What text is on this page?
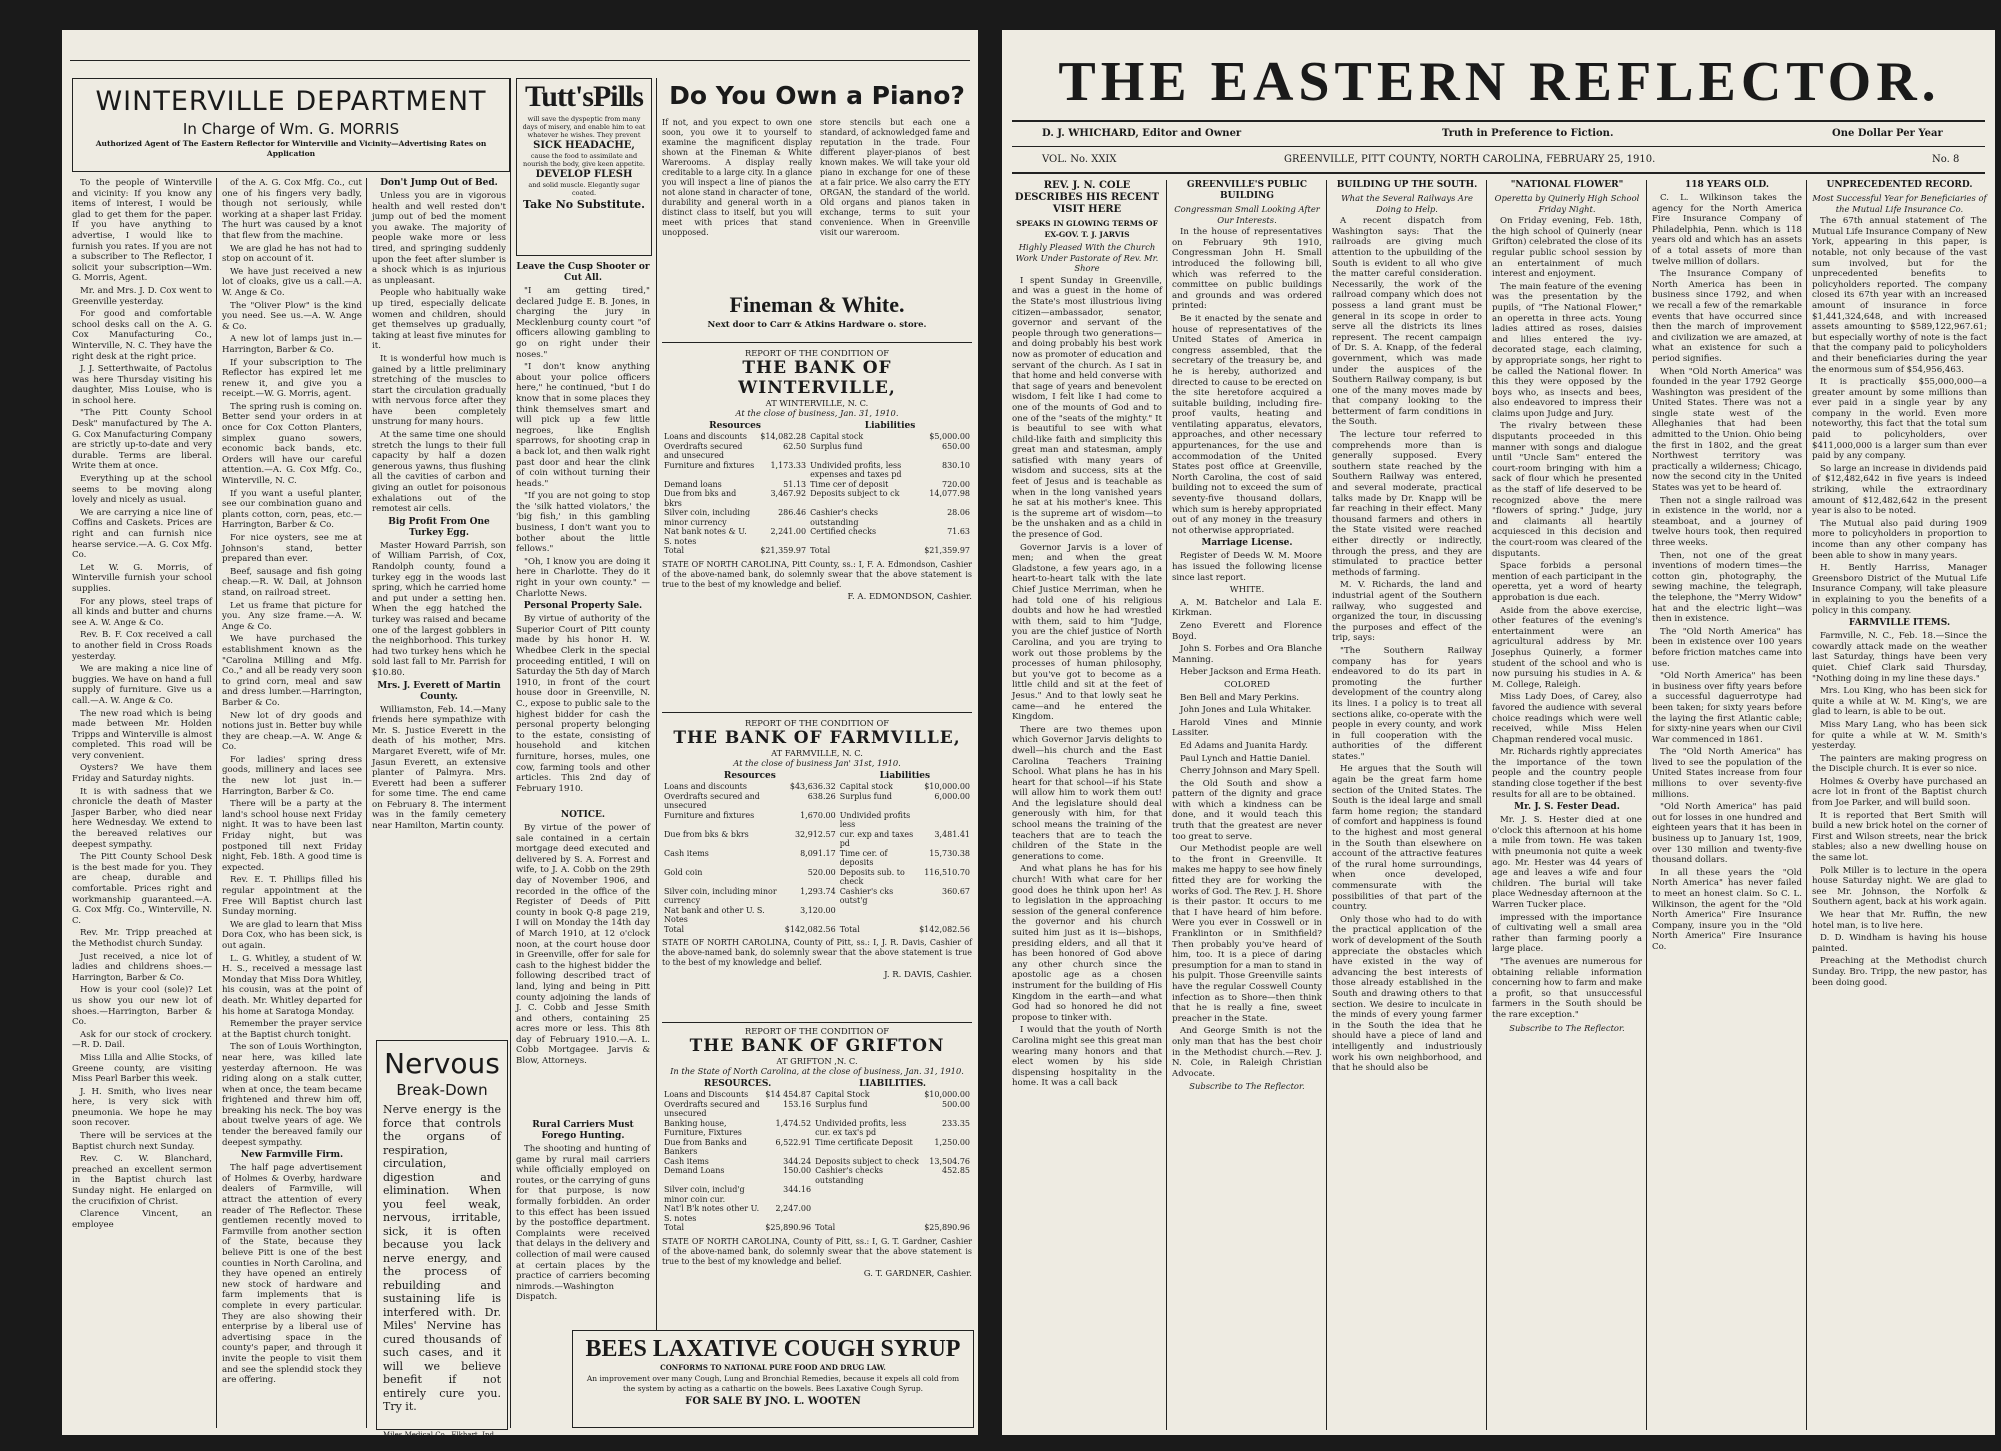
WINTERVILLE DEPARTMENT
In Charge of Wm. G. MORRIS
Authorized Agent of The Eastern Reflector for Winterville and Vicinity—Advertising Rates on Application

To the people of Winterville and vicinity: If you know any items of interest, I would be glad to get them for the paper. If you have anything to advertise, I would like to furnish you rates. If you are not a subscriber to The Reflector, I solicit your subscription—Wm. G. Morris, Agent.

Mr. and Mrs. J. D. Cox went to Greenville yesterday.

For good and comfortable school desks call on the A. G. Cox Manufacturing Co., Winterville, N. C. They have the right desk at the right price.

J. J. Setterthwaite, of Pactolus was here Thursday visiting his daughter, Miss Louise, who is in school here.

"The Pitt County School Desk" manufactured by The A. G. Cox Manufacturing Company are strictly up-to-date and very durable. Terms are liberal. Write them at once.

Everything up at the school seems to be moving along lovely and nicely as usual.

We are carrying a nice line of Coffins and Caskets. Prices are right and can furnish nice hearse service.—A. G. Cox Mfg. Co.

Let W. G. Morris, of Winterville furnish your school supplies.

For any plows, steel traps of all kinds and butter and churns see A. W. Ange & Co.

Rev. B. F. Cox received a call to another field in Cross Roads yesterday.

We are making a nice line of buggies. We have on hand a full supply of furniture. Give us a call.—A. W. Ange & Co.

The new road which is being made between Mr. Holden Tripps and Winterville is almost completed. This road will be very convenient.

Oysters? We have them Friday and Saturday nights.

It is with sadness that we chronicle the death of Master Jasper Barber, who died near here Wednesday. We extend to the bereaved relatives our deepest sympathy.

The Pitt County School Desk is the best made for you. They are cheap, durable and comfortable. Prices right and workmanship guaranteed.—A. G. Cox Mfg. Co., Winterville, N. C.

Rev. Mr. Tripp preached at the Methodist church Sunday.

Just received, a nice lot of ladies and childrens shoes.—Harrington, Barber & Co.

How is your cool (sole)? Let us show you our new lot of shoes.—Harrington, Barber & Co.

Ask for our stock of crockery.—R. D. Dail.

Miss Lilla and Allie Stocks, of Greene county, are visiting Miss Pearl Barber this week.

J. H. Smith, who lives near here, is very sick with pneumonia. We hope he may soon recover.

There will be services at the Baptist church next Sunday.

Rev. C. W. Blanchard, preached an excellent sermon in the Baptist church last Sunday night. He enlarged on the crucifixion of Christ.

Clarence Vincent, an employee

of the A. G. Cox Mfg. Co., cut one of his fingers very badly, though not seriously, while working at a shaper last Friday. The hurt was caused by a knot that flew from the machine.

We are glad he has not had to stop on account of it.

We have just received a new lot of cloaks, give us a call.—A. W. Ange & Co.

The "Oliver Plow" is the kind you need. See us.—A. W. Ange & Co.

A new lot of lamps just in.—Harrington, Barber & Co.

If your subscription to The Reflector has expired let me renew it, and give you a receipt.—W. G. Morris, agent.

The spring rush is coming on. Better send your orders in at once for Cox Cotton Planters, simplex guano sowers, economic back bands, etc. Orders will have our careful attention.—A. G. Cox Mfg. Co., Winterville, N. C.

If you want a useful planter, see our combination guano and plants cotton, corn, peas, etc.—Harrington, Barber & Co.

For nice oysters, see me at Johnson's stand, better prepared than ever.

Beef, sausage and fish going cheap.—R. W. Dail, at Johnson stand, on railroad street.

Let us frame that picture for you. Any size frame.—A. W. Ange & Co.

We have purchased the establishment known as the "Carolina Milling and Mfg. Co.," and all be ready very soon to grind corn, meal and saw and dress lumber.—Harrington, Barber & Co.

New lot of dry goods and notions just in. Better buy while they are cheap.—A. W. Ange & Co.

For ladies' spring dress goods, millinery and laces see the new lot just in.—Harrington, Barber & Co.

There will be a party at the land's school house next Friday night. It was to have been last Friday night, but was postponed till next Friday night, Feb. 18th. A good time is expected.

Rev. E. T. Phillips filled his regular appointment at the Free Will Baptist church last Sunday morning.

We are glad to learn that Miss Dora Cox, who has been sick, is out again.

L. G. Whitley, a student of W. H. S., received a message last Monday that Miss Dora Whitley, his cousin, was at the point of death. Mr. Whitley departed for his home at Saratoga Monday.

Remember the prayer service at the Baptist church tonight.

The son of Louis Worthington, near here, was killed late yesterday afternoon. He was riding along on a stalk cutter, when at once, the team became frightened and threw him off, breaking his neck. The boy was about twelve years of age. We tender the bereaved family our deepest sympathy.

New Farmville Firm.

The half page advertisement of Holmes & Overby, hardware dealers of Farmville, will attract the attention of every reader of The Reflector. These gentlemen recently moved to Farmville from another section of the State, because they believe Pitt is one of the best counties in North Carolina, and they have opened an entirely new stock of hardware and farm implements that is complete in every particular. They are also showing their enterprise by a liberal use of advertising space in the county's paper, and through it invite the people to visit them and see the splendid stock they are offering.

Don't Jump Out of Bed.

Unless you are in vigorous health and well rested don't jump out of bed the moment you awake. The majority of people wake more or less tired, and springing suddenly upon the feet after slumber is a shock which is as injurious as unpleasant.

People who habitually wake up tired, especially delicate women and children, should get themselves up gradually, taking at least five minutes for it.

It is wonderful how much is gained by a little preliminary stretching of the muscles to start the circulation gradually with nervous force after they have been completely unstrung for many hours.

At the same time one should stretch the lungs to their full capacity by half a dozen generous yawns, thus flushing all the cavities of carbon and giving an outlet for poisonous exhalations out of the remotest air cells.

Big Profit From One Turkey Egg.

Master Howard Parrish, son of William Parrish, of Cox, Randolph county, found a turkey egg in the woods last spring, which he carried home and put under a setting hen. When the egg hatched the turkey was raised and became one of the largest gobblers in the neighborhood. This turkey had two turkey hens which he sold last fall to Mr. Parrish for $10.80.

Mrs. J. Everett of Martin County.

Williamston, Feb. 14.—Many friends here sympathize with Mr. S. Justice Everett in the death of his mother, Mrs. Margaret Everett, wife of Mr. Jasun Everett, an extensive planter of Palmyra. Mrs. Everett had been a sufferer for some time. The end came on February 8. The interment was in the family cemetery near Hamilton, Martin county.

Nervous
Break-Down
Nerve energy is the force that controls the organs of respiration, circulation, digestion and elimination. When you feel weak, nervous, irritable, sick, it is often because you lack nerve energy, and the process of rebuilding and sustaining life is interfered with. Dr. Miles' Nervine has cured thousands of such cases, and it will we believe benefit if not entirely cure you. Try it.

Miles Medical Co., Elkhart, Ind
Tutt'sPills
will save the dyspeptic from many days of misery, and enable him to eat whatever he wishes. They prevent
SICK HEADACHE,
cause the food to assimilate and nourish the body, give keen appetite.
DEVELOP FLESH
and solid muscle. Elegantly sugar coated.
Take No Substitute.

Leave the Cusp Shooter or Cut All.

"I am getting tired," declared Judge E. B. Jones, in charging the jury in Mecklenburg county court "of officers allowing gambling to go on right under their noses."

"I don't know anything about your police officers here," he continued, "but I do know that in some places they think themselves smart and will pick up a few little negroes, like English sparrows, for shooting crap in a back lot, and then walk right past door and hear the clink of coin without turning their heads."

"If you are not going to stop the 'silk hatted violators,' the 'big fish,' in this gambling business, I don't want you to bother about the little fellows."

"Oh, I know you are doing it here in Charlotte. They do it right in your own county." —Charlotte News.

Personal Property Sale.

By virtue of authority of the Superior Court of Pitt county made by his honor H. W. Whedbee Clerk in the special proceeding entitled, I will on Saturday the 5th day of March 1910, in front of the court house door in Greenville, N. C., expose to public sale to the highest bidder for cash the personal property belonging to the estate, consisting of household and kitchen furniture, horses, mules, one cow, farming tools and other articles. This 2nd day of February 1910.

NOTICE.

By virtue of the power of sale contained in a certain mortgage deed executed and delivered by S. A. Forrest and wife, to J. A. Cobb on the 29th day of November 1906, and recorded in the office of the Register of Deeds of Pitt county in book Q-8 page 219, I will on Monday the 14th day of March 1910, at 12 o'clock noon, at the court house door in Greenville, offer for sale for cash to the highest bidder the following described tract of land, lying and being in Pitt county adjoining the lands of J. C. Cobb and Jesse Smith and others, containing 25 acres more or less. This 8th day of February 1910.—A. L. Cobb Mortgagee. Jarvis & Blow, Attorneys.

Rural Carriers Must Forego Hunting.

The shooting and hunting of game by rural mail carriers while officially employed on routes, or the carrying of guns for that purpose, is now formally forbidden. An order to this effect has been issued by the postoffice department. Complaints were received that delays in the delivery and collection of mail were caused at certain places by the practice of carriers becoming nimrods.—Washington Dispatch.

Do You Own a Piano?
If not, and you expect to own one soon, you owe it to yourself to examine the magnificent display shown at the Fineman & White Warerooms. A display really creditable to a large city. In a glance you will inspect a line of pianos the not alone stand in character of tone, durability and general worth in a distinct class to itself, but you will meet with prices that stand unopposed.
store stencils but each one a standard, of acknowledged fame and reputation in the trade. Four different player-pianos of best known makes. We will take your old piano in exchange for one of these at a fair price. We also carry the ETY ORGAN, the standard of the world. Old organs and pianos taken in exchange, terms to suit your convenience. When in Greenville visit our wareroom.
Fineman & White.
Next door to Carr & Atkins Hardware o. store.
REPORT OF THE CONDITION OF
THE BANK OF WINTERVILLE,
AT WINTERVILLE, N. C.
At the close of business, Jan. 31, 1910.
Resources		Liabilities	
Loans and discounts	$14,082.28	Capital stock	$5,000.00
Overdrafts secured and unsecured	62.50	Surplus fund	650.00
Furniture and fixtures	1,173.33	Undivided profits, less expenses and taxes pd	830.10
Demand loans	51.13	Time cer of deposit	720.00
Due from bks and bkrs	3,467.92	Deposits subject to ck	14,077.98
Silver coin, including minor currency	286.46	Cashier's checks outstanding	28.06
Nat bank notes & U. S. notes	2,241.00	Certified checks	71.63
Total	$21,359.97	Total	$21,359.97
STATE OF NORTH CAROLINA, Pitt County, ss.: I, F. A. Edmondson, Cashier of the above-named bank, do solemnly swear that the above statement is true to the best of my knowledge and belief.
F. A. EDMONDSON, Cashier.
REPORT OF THE CONDITION OF
THE BANK OF FARMVILLE,
AT FARMVILLE, N. C.
At the close of business Jan' 31st, 1910.
Resources		Liabilities	
Loans and discounts	$43,636.32	Capital stock	$10,000.00
Overdrafts secured and unsecured	638.26	Surplus fund	6,000.00
Furniture and fixtures	1,670.00	Undivided profits less	
Due from bks & bkrs	32,912.57	cur. exp and taxes pd	3,481.41
Cash items	8,091.17	Time cer. of deposits	15,730.38
Gold coin	520.00	Deposits sub. to check	116,510.70
Silver coin, including minor currency	1,293.74	Cashier's cks outst'g	360.67
Nat bank and other U. S. Notes	3,120.00		
Total	$142,082.56	Total	$142,082.56
STATE OF NORTH CAROLINA, County of Pitt, ss.: I, J. R. Davis, Cashier of the above-named bank, do solemnly swear that the above statement is true to the best of my knowledge and belief.
J. R. DAVIS, Cashier.
REPORT OF THE CONDITION OF
THE BANK OF GRIFTON
AT GRIFTON ,N. C.
In the State of North Carolina, at the close of business, Jan. 31, 1910.
RESOURCES.		LIABILITIES.	
Loans and Discounts	$14 454.87	Capital Stock	$10,000.00
Overdrafts secured and unsecured	153.16	Surplus fund	500.00
Banking house, Furniture, Fixtures	1,474.52	Undivided profits, less cur. ex tax's pd	233.35
Due from Banks and Bankers	6,522.91	Time certificate Deposit	1,250.00
Cash items	344.24	Deposits subject to check	13,504.76
Demand Loans	150.00	Cashier's checks outstanding	452.85
Silver coin, includ'g minor coin cur.	344.16		
Nat'l B'k notes other U. S. notes	2,247.00		
Total	$25,890.96	Total	$25,890.96
STATE OF NORTH CAROLINA, County of Pitt, ss.: I, G. T. Gardner, Cashier of the above-named bank, do solemnly swear that the above statement is true to the best of my knowledge and belief.
G. T. GARDNER, Cashier.
BEES LAXATIVE COUGH SYRUP
CONFORMS TO NATIONAL PURE FOOD AND DRUG LAW.
An improvement over many Cough, Lung and Bronchial Remedies, because it expels all cold from the system by acting as a cathartic on the bowels. Bees Laxative Cough Syrup.
FOR SALE BY JNO. L. WOOTEN
THE EASTERN REFLECTOR.
D. J. WHICHARD, Editor and Owner	Truth in Preference to Fiction.	One Dollar Per Year
VOL. No. XXIX	GREENVILLE, PITT COUNTY, NORTH CAROLINA, FEBRUARY 25, 1910.	No. 8

REV. J. N. COLE DESCRIBES HIS RECENT VISIT HERE

SPEAKS IN GLOWING TERMS OF EX-GOV. T. J. JARVIS

Highly Pleased With the Church Work Under Pastorate of Rev. Mr. Shore

I spent Sunday in Greenville, and was a guest in the home of the State's most illustrious living citizen—ambassador, senator, governor and servant of the people through two generations—and doing probably his best work now as promoter of education and servant of the church. As I sat in that home and held converse with that sage of years and benevolent wisdom, I felt like I had come to one of the mounts of God and to one of the "seats of the mighty." It is beautiful to see with what child-like faith and simplicity this great man and statesman, amply satisfied with many years of wisdom and success, sits at the feet of Jesus and is teachable as when in the long vanished years he sat at his mother's knee. This is the supreme art of wisdom—to be the unshaken and as a child in the presence of God.

Governor Jarvis is a lover of men; and when the great Gladstone, a few years ago, in a heart-to-heart talk with the late Chief Justice Merriman, when he had told one of his religious doubts and how he had wrestled with them, said to him "Judge, you are the chief justice of North Carolina, and you are trying to work out those problems by the processes of human philosophy, but you've got to become as a little child and sit at the feet of Jesus." And to that lowly seat he came—and he entered the Kingdom.

There are two themes upon which Governor Jarvis delights to dwell—his church and the East Carolina Teachers Training School. What plans he has in his heart for that school—if his State will allow him to work them out! And the legislature should deal generously with him, for that school means the training of the teachers that are to teach the children of the State in the generations to come.

And what plans he has for his church! With what care for her good does he think upon her! As to legislation in the approaching session of the general conference the governor and his church suited him just as it is—bishops, presiding elders, and all that it has been honored of God above any other church since the apostolic age as a chosen instrument for the building of His Kingdom in the earth—and what God had so honored he did not propose to tinker with.

I would that the youth of North Carolina might see this great man wearing many honors and that elect women by his side dispensing hospitality in the home. It was a call back

GREENVILLE'S PUBLIC BUILDING

Congressman Small Looking After Our Interests.

In the house of representatives on February 9th 1910, Congressman John H. Small introduced the following bill, which was referred to the committee on public buildings and grounds and was ordered printed:

Be it enacted by the senate and house of representatives of the United States of America in congress assembled, that the secretary of the treasury be, and he is hereby, authorized and directed to cause to be erected on the site heretofore acquired a suitable building, including fire-proof vaults, heating and ventilating apparatus, elevators, approaches, and other necessary appurtenances, for the use and accommodation of the United States post office at Greenville, North Carolina, the cost of said building not to exceed the sum of seventy-five thousand dollars, which sum is hereby appropriated out of any money in the treasury not otherwise appropriated.

Marriage License.

Register of Deeds W. M. Moore has issued the following license since last report.

WHITE.

A. M. Batchelor and Lala E. Kirkman.

Zeno Everett and Florence Boyd.

John S. Forbes and Ora Blanche Manning.

Heber Jackson and Erma Heath.

COLORED

Ben Bell and Mary Perkins.

John Jones and Lula Whitaker.

Harold Vines and Minnie Lassiter.

Ed Adams and Juanita Hardy.

Paul Lynch and Hattie Daniel.

Cherry Johnson and Mary Spell.

the Old South and show a pattern of the dignity and grace with which a kindness can be done, and it would teach this truth that the greatest are never too great to serve.

Our Methodist people are well to the front in Greenville. It makes me happy to see how finely fitted they are for working the works of God. The Rev. J. H. Shore is their pastor. It occurs to me that I have heard of him before. Were you ever in Cosswell or in Franklinton or in Smithfield? Then probably you've heard of him, too. It is a piece of daring presumption for a man to stand in his pulpit. Those Greenville saints have the regular Cosswell County infection as to Shore—then think that he is really a fine, sweet preacher in the State.

And George Smith is not the only man that has the best choir in the Methodist church.—Rev. J. N. Cole, in Raleigh Christian Advocate.

Subscribe to The Reflector.

BUILDING UP THE SOUTH.

What the Several Railways Are Doing to Help.

A recent dispatch from Washington says: That the railroads are giving much attention to the upbuilding of the South is evident to all who give the matter careful consideration. Necessarily, the work of the railroad company which does not possess a land grant must be general in its scope in order to serve all the districts its lines represent. The recent campaign of Dr. S. A. Knapp, of the federal government, which was made under the auspices of the Southern Railway company, is but one of the many moves made by that company looking to the betterment of farm conditions in the South.

The lecture tour referred to comprehends more than is generally supposed. Every southern state reached by the Southern Railway was entered, and several moderate, practical talks made by Dr. Knapp will be far reaching in their effect. Many thousand farmers and others in the State visited were reached either directly or indirectly, through the press, and they are stimulated to practice better methods of farming.

M. V. Richards, the land and industrial agent of the Southern railway, who suggested and organized the tour, in discussing the purposes and effect of the trip, says:

"The Southern Railway company has for years endeavored to do its part in promoting the further development of the country along its lines. I a policy is to treat all sections alike, co-operate with the people in every county, and work in full cooperation with the authorities of the different states."

He argues that the South will again be the great farm home section of the United States. The South is the ideal large and small farm home region; the standard of comfort and happiness is found to the highest and most general in the South than elsewhere on account of the attractive features of the rural home surroundings, when once developed, commensurate with the possibilities of that part of the country.

Only those who had to do with the practical application of the work of development of the South appreciate the obstacles which have existed in the way of advancing the best interests of those already established in the South and drawing others to that section. We desire to inculcate in the minds of every young farmer in the South the idea that he should have a piece of land and intelligently and industriously work his own neighborhood, and that he should also be

"NATIONAL FLOWER"

Operetta by Quinerly High School Friday Night.

On Friday evening, Feb. 18th, the high school of Quinerly (near Grifton) celebrated the close of its regular public school session by an entertainment of much interest and enjoyment.

The main feature of the evening was the presentation by the pupils, of "The National Flower," an operetta in three acts. Young ladies attired as roses, daisies and lilies entered the ivy-decorated stage, each claiming, by appropriate songs, her right to be called the National flower. In this they were opposed by the boys who, as insects and bees, also endeavored to impress their claims upon Judge and Jury.

The rivalry between these disputants proceeded in this manner with songs and dialogue until "Uncle Sam" entered the court-room bringing with him a sack of flour which he presented as the staff of life deserved to be recognized above the mere "flowers of spring." Judge, jury and claimants all heartily acquiesced in this decision and the court-room was cleared of the disputants.

Space forbids a personal mention of each participant in the operetta, yet a word of hearty approbation is due each.

Aside from the above exercise, other features of the evening's entertainment were an agricultural address by Mr. Josephus Quinerly, a former student of the school and who is now pursuing his studies in A. & M. College, Raleigh.

Miss Lady Does, of Carey, also favored the audience with several choice readings which were well received, while Miss Helen Chapman rendered vocal music.

Mr. Richards rightly appreciates the importance of the town people and the country people standing close together if the best results for all are to be obtained.

Mr. J. S. Fester Dead.

Mr. J. S. Hester died at one o'clock this afternoon at his home a mile from town. He was taken with pneumonia not quite a week ago. Mr. Hester was 44 years of age and leaves a wife and four children. The burial will take place Wednesday afternoon at the Warren Tucker place.

impressed with the importance of cultivating well a small area rather than farming poorly a large place.

"The avenues are numerous for obtaining reliable information concerning how to farm and make a profit, so that unsuccessful farmers in the South should be the rare exception."

Subscribe to The Reflector.

118 YEARS OLD.

C. L. Wilkinson takes the agency for the North America Fire Insurance Company of Philadelphia, Penn. which is 118 years old and which has an assets of a total assets of more than twelve million of dollars.

The Insurance Company of North America has been in business since 1792, and when we recall a few of the remarkable events that have occurred since then the march of improvement and civilization we are amazed, at what an existence for such a period signifies.

When "Old North America" was founded in the year 1792 George Washington was president of the United States. There was not a single state west of the Alleghanies that had been admitted to the Union. Ohio being the first in 1802, and the great Northwest territory was practically a wilderness; Chicago, now the second city in the United States was yet to be heard of.

Then not a single railroad was in existence in the world, nor a steamboat, and a journey of twelve hours took, then required three weeks.

Then, not one of the great inventions of modern times—the cotton gin, photography, the sewing machine, the telegraph, the telephone, the "Merry Widow" hat and the electric light—was then in existence.

The "Old North America" has been in existence over 100 years before friction matches came into use.

"Old North America" has been in business over fifty years before a successful daguerrotype had been taken; for sixty years before the laying the first Atlantic cable; for sixty-nine years when our Civil War commenced in 1861.

The "Old North America" has lived to see the population of the United States increase from four millions to over seventy-five millions.

"Old North America" has paid out for losses in one hundred and eighteen years that it has been in business up to January 1st, 1909, over 130 million and twenty-five thousand dollars.

In all these years the "Old North America" has never failed to meet an honest claim. So C. L. Wilkinson, the agent for the "Old North America" Fire Insurance Company, insure you in the "Old North America" Fire Insurance Co.

UNPRECEDENTED RECORD.

Most Successful Year for Beneficiaries of the Mutual Life Insurance Co.

The 67th annual statement of The Mutual Life Insurance Company of New York, appearing in this paper, is notable, not only because of the vast sum involved, but for the unprecedented benefits to policyholders reported. The company closed its 67th year with an increased amount of insurance in force $1,441,324,648, and with increased assets amounting to $589,122,967.61; but especially worthy of note is the fact that the company paid to policyholders and their beneficiaries during the year the enormous sum of $54,956,463.

It is practically $55,000,000—a greater amount by some millions than ever paid in a single year by any company in the world. Even more noteworthy, this fact that the total sum paid to policyholders, over $411,000,000 is a larger sum than ever paid by any company.

So large an increase in dividends paid of $12,482,642 in five years is indeed striking, while the extraordinary amount of $12,482,642 in the present year is also to be noted.

The Mutual also paid during 1909 more to policyholders in proportion to income than any other company has been able to show in many years.

H. Bently Harriss, Manager Greensboro District of the Mutual Life Insurance Company, will take pleasure in explaining to you the benefits of a policy in this company.

FARMVILLE ITEMS.

Farmville, N. C., Feb. 18.—Since the cowardly attack made on the weather last Saturday, things have been very quiet. Chief Clark said Thursday, "Nothing doing in my line these days."

Mrs. Lou King, who has been sick for quite a while at W. M. King's, we are glad to learn, is able to be out.

Miss Mary Lang, who has been sick for quite a while at W. M. Smith's yesterday.

The painters are making progress on the Disciple church. It is ever so nice.

Holmes & Overby have purchased an acre lot in front of the Baptist church from Joe Parker, and will build soon.

It is reported that Bert Smith will build a new brick hotel on the corner of First and Wilson streets, near the brick stables; also a new dwelling house on the same lot.

Polk Miller is to lecture in the opera house Saturday night. We are glad to see Mr. Johnson, the Norfolk & Southern agent, back at his work again.

We hear that Mr. Ruffin, the new hotel man, is to live here.

D. D. Windham is having his house painted.

Preaching at the Methodist church Sunday. Bro. Tripp, the new pastor, has been doing good.
